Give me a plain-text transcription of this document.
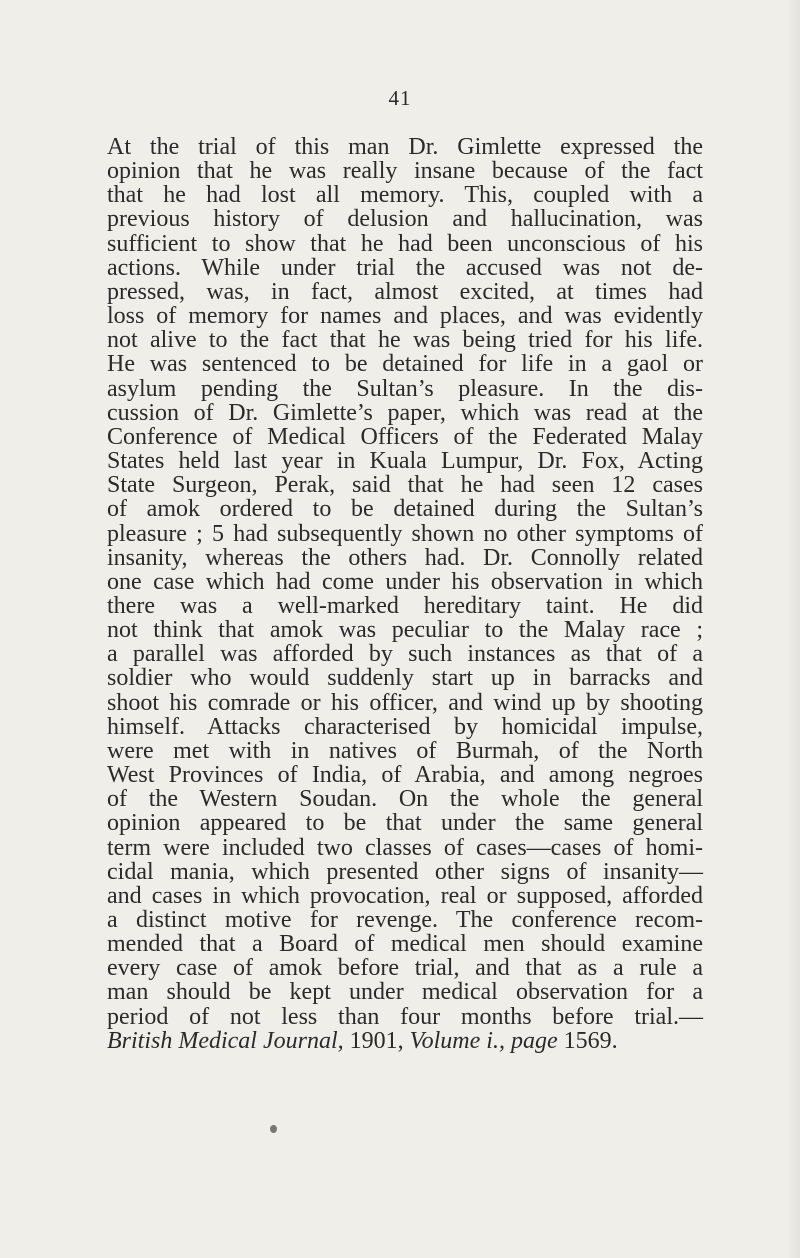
41
At the trial of this man Dr. Gimlette expressed the
opinion that he was really insane because of the fact
that he had lost all memory. This, coupled with a
previous history of delusion and hallucination, was
sufficient to show that he had been unconscious of his
actions. While under trial the accused was not de-
pressed, was, in fact, almost excited, at times had
loss of memory for names and places, and was evidently
not alive to the fact that he was being tried for his life.
He was sentenced to be detained for life in a gaol or
asylum pending the Sultan’s pleasure. In the dis-
cussion of Dr. Gimlette’s paper, which was read at the
Conference of Medical Officers of the Federated Malay
States held last year in Kuala Lumpur, Dr. Fox, Acting
State Surgeon, Perak, said that he had seen 12 cases
of amok ordered to be detained during the Sultan’s
pleasure ; 5 had subsequently shown no other symptoms of
insanity, whereas the others had. Dr. Connolly related
one case which had come under his observation in which
there was a well-marked hereditary taint. He did
not think that amok was peculiar to the Malay race ;
a parallel was afforded by such instances as that of a
soldier who would suddenly start up in barracks and
shoot his comrade or his officer, and wind up by shooting
himself. Attacks characterised by homicidal impulse,
were met with in natives of Burmah, of the North
West Provinces of India, of Arabia, and among negroes
of the Western Soudan. On the whole the general
opinion appeared to be that under the same general
term were included two classes of cases—cases of homi-
cidal mania, which presented other signs of insanity—
and cases in which provocation, real or supposed, afforded
a distinct motive for revenge. The conference recom-
mended that a Board of medical men should examine
every case of amok before trial, and that as a rule a
man should be kept under medical observation for a
period of not less than four months before trial.—
British Medical Journal, 1901, Volume i., page 1569.
